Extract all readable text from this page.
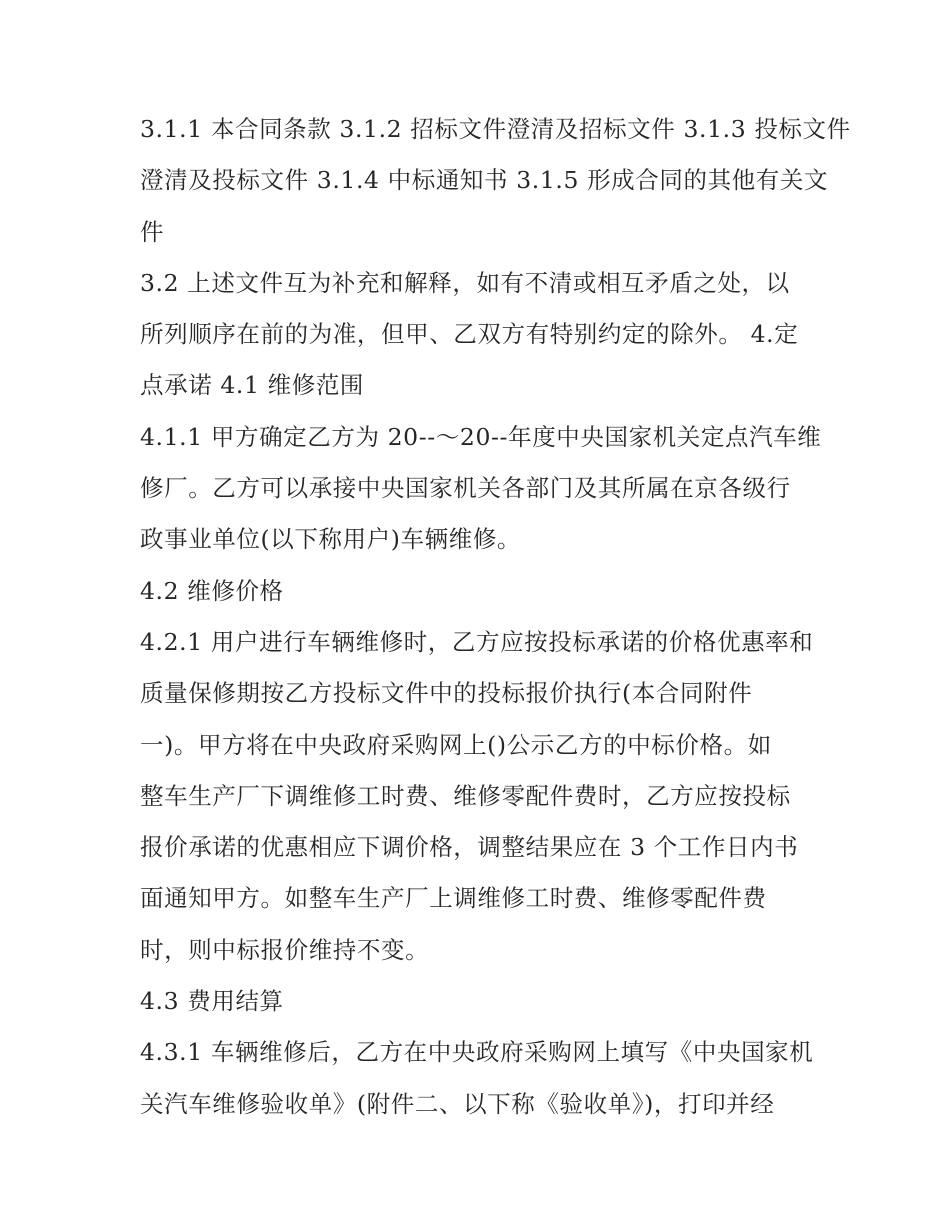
3.1.1 本合同条款 3.1.2 招标文件澄清及招标文件 3.1.3 投标文件
澄清及投标文件 3.1.4 中标通知书 3.1.5 形成合同的其他有关文
件
3.2 上述文件互为补充和解释，如有不清或相互矛盾之处，以
所列顺序在前的为准，但甲、乙双方有特别约定的除外。 4.定
点承诺 4.1 维修范围
4.1.1 甲方确定乙方为 20--～20--年度中央国家机关定点汽车维
修厂。乙方可以承接中央国家机关各部门及其所属在京各级行
政事业单位(以下称用户)车辆维修。
4.2 维修价格
4.2.1 用户进行车辆维修时，乙方应按投标承诺的价格优惠率和
质量保修期按乙方投标文件中的投标报价执行(本合同附件
一)。甲方将在中央政府采购网上()公示乙方的中标价格。如
整车生产厂下调维修工时费、维修零配件费时，乙方应按投标
报价承诺的优惠相应下调价格，调整结果应在 3 个工作日内书
面通知甲方。如整车生产厂上调维修工时费、维修零配件费
时，则中标报价维持不变。
4.3 费用结算
4.3.1 车辆维修后，乙方在中央政府采购网上填写《中央国家机
关汽车维修验收单》(附件二、以下称《验收单》)，打印并经
